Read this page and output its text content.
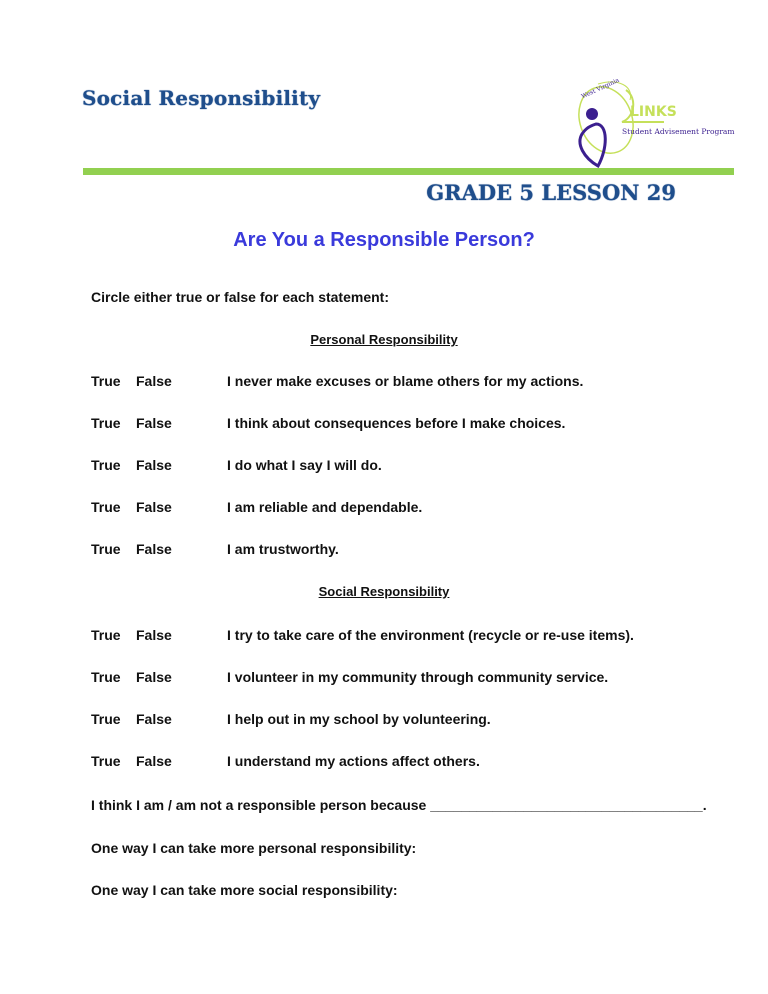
Social Responsibility	West Virginia
LINKS
Student Advisement Program
GRADE 5 LESSON 29
Are You a Responsible Person?
Circle either true or false for each statement:
Personal Responsibility
True False	I never make excuses or blame others for my actions.
True False	I think about consequences before I make choices.
True False	I do what I say I will do.
True False	I am reliable and dependable.
True False	I am trustworthy.
Social Responsibility
True False	I try to take care of the environment (recycle or re-use items).
True False	I volunteer in my community through community service.
True False	I help out in my school by volunteering.
True False	I understand my actions affect others.
I think I am / am not a responsible person because ___________________________________.
One way I can take more personal responsibility:
One way I can take more social responsibility:
